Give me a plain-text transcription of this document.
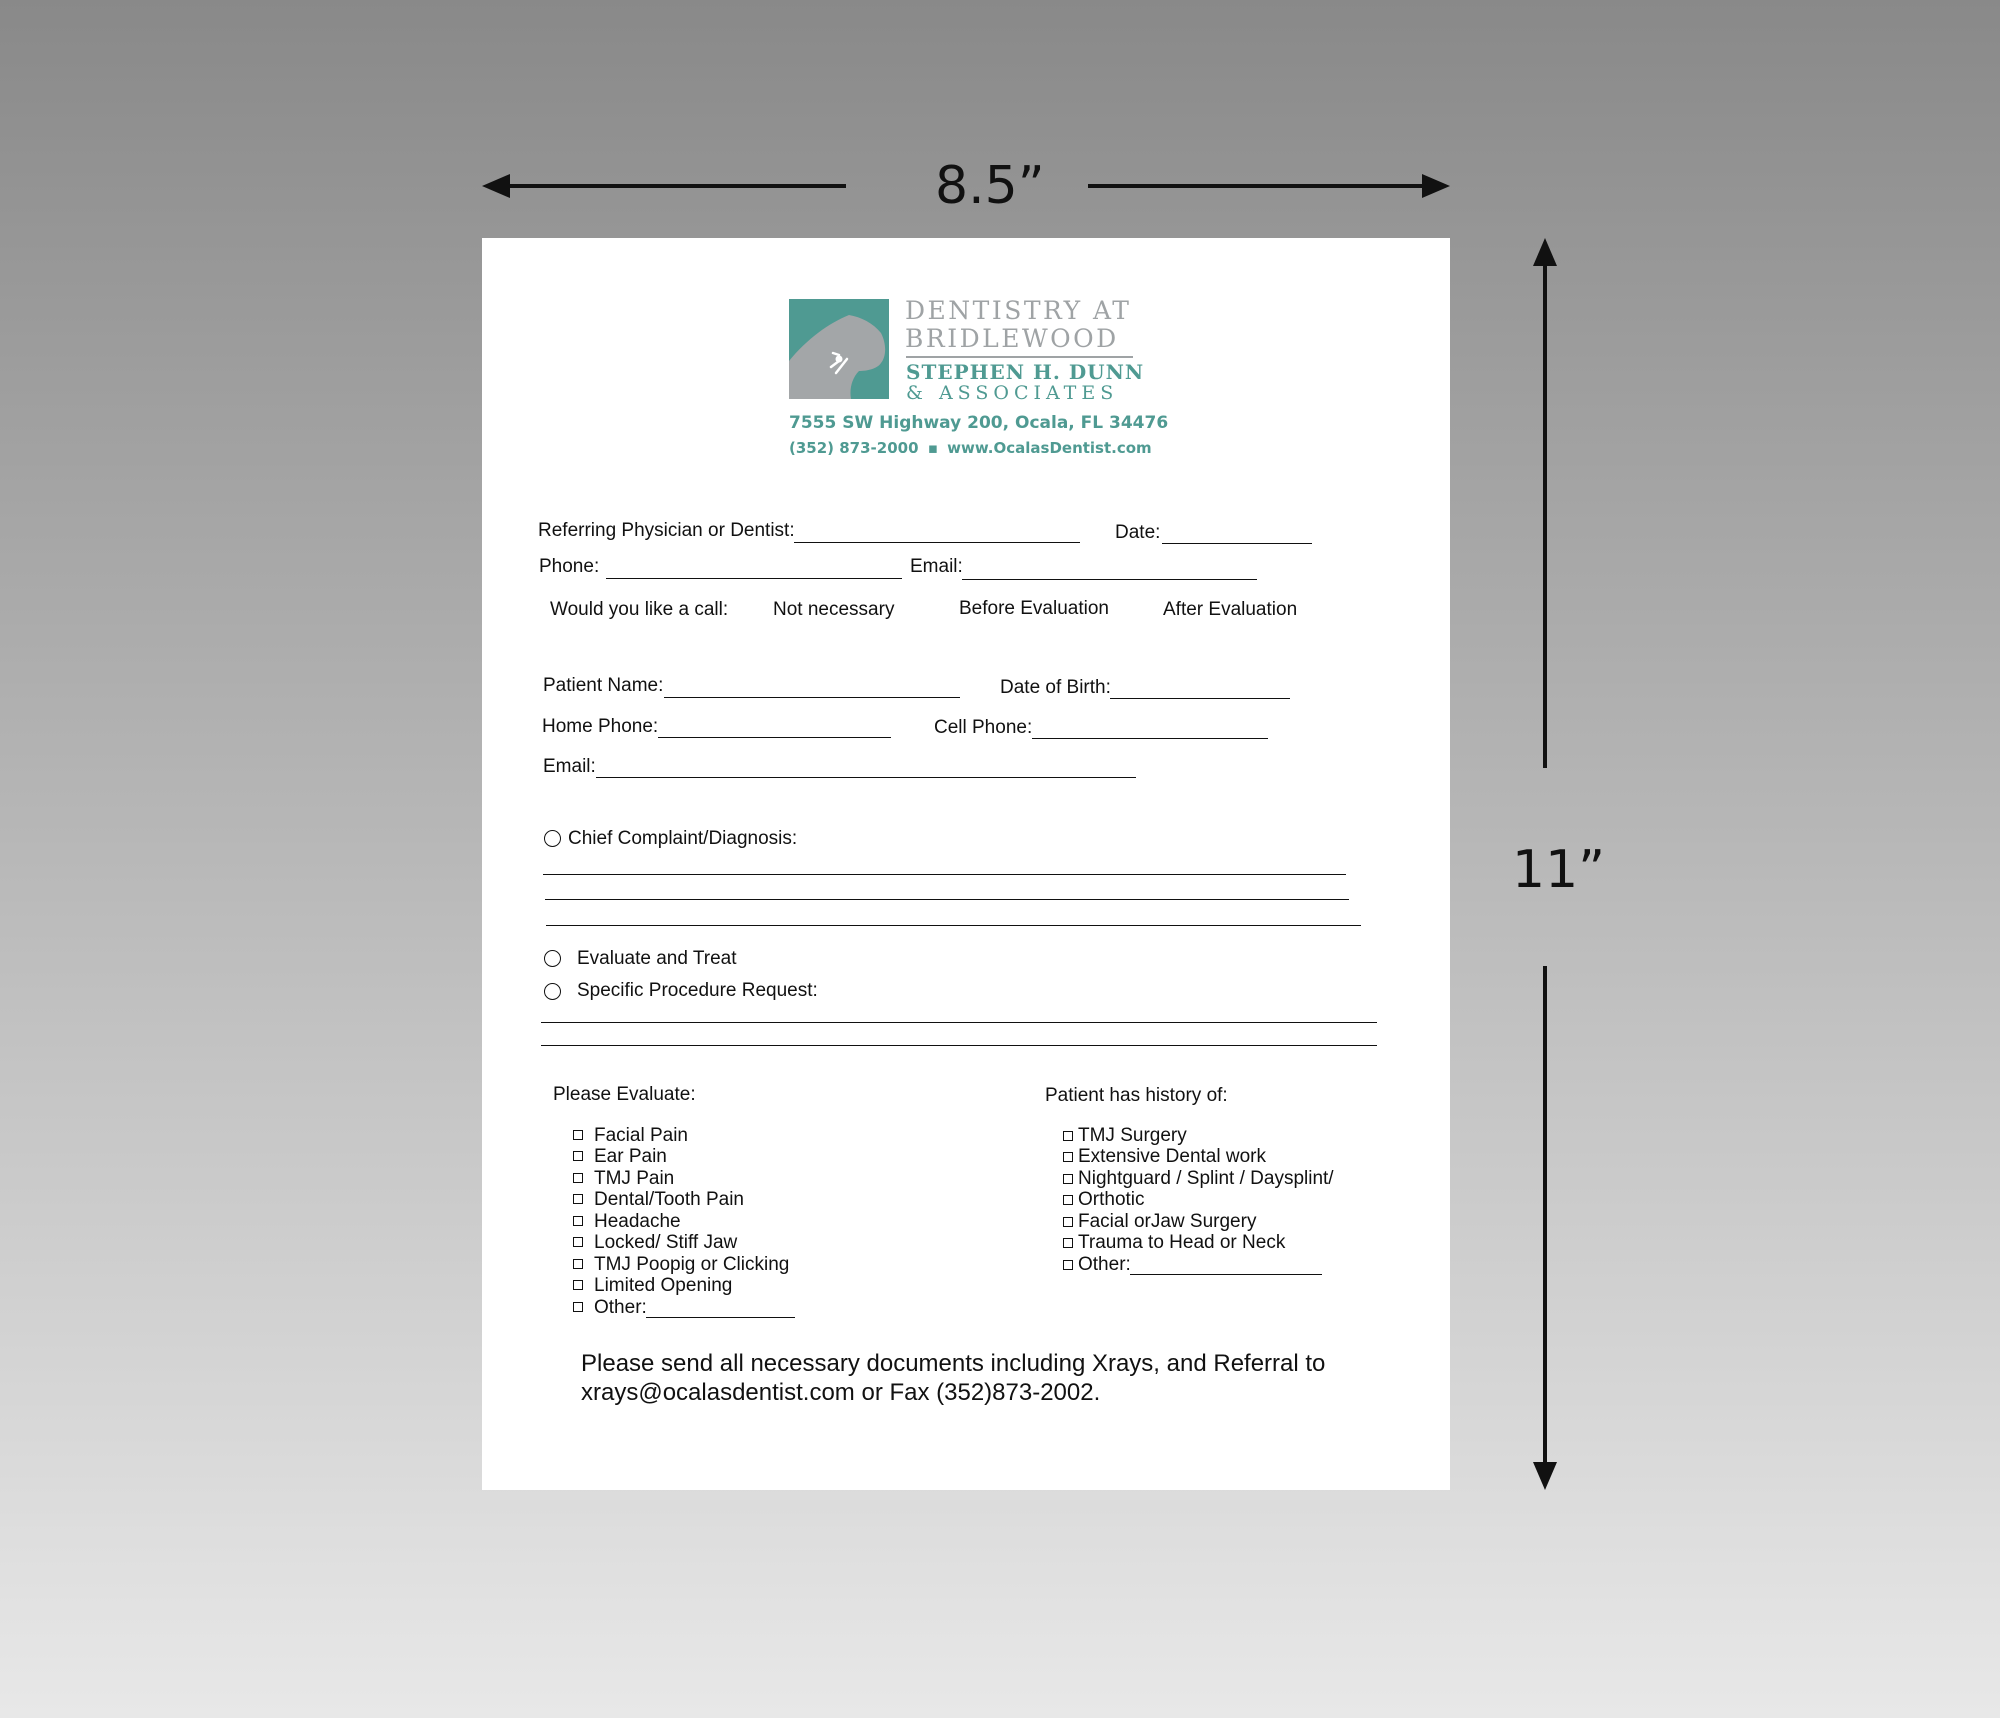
8.5”
11”
DENTISTRY AT
BRIDLEWOOD
STEPHEN H. DUNN
& ASSOCIATES
7555 SW Highway 200, Ocala, FL 34476
(352) 873-2000 ▪ www.OcalasDentist.com
Referring Physician or Dentist:	Date:
Phone:	Email:
Would you like a call: Not necessary	Before Evaluation	After Evaluation
Patient Name:	Date of Birth:
Home Phone:	Cell Phone:
Email:
Chief Complaint/Diagnosis:
Evaluate and Treat
Specific Procedure Request:
Please Evaluate:
Facial Pain
Ear Pain
TMJ Pain
Dental/Tooth Pain
Headache
Locked/ Stiff Jaw
TMJ Poopig or Clicking
Limited Opening
Other:
Patient has history of:
TMJ Surgery
Extensive Dental work
Nightguard / Splint / Daysplint/
Orthotic
Facial orJaw Surgery
Trauma to Head or Neck
Other:
Please send all necessary documents including Xrays, and Referral to
xrays@ocalasdentist.com or Fax (352)873-2002.
